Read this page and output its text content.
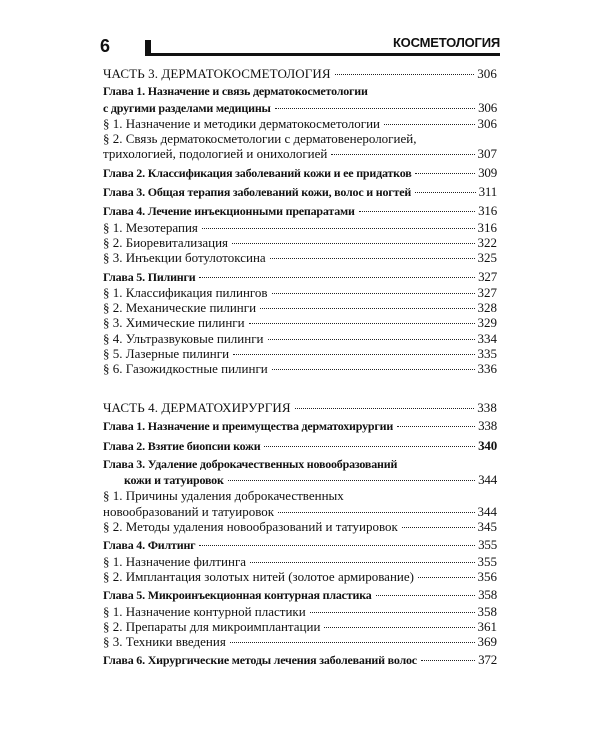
6	КОСМЕТОЛОГИЯ
ЧАСТЬ 3. ДЕРМАТОКОСМЕТОЛОГИЯ	306
Глава 1. Назначение и связь дерматокосметологии
с другими разделами медицины	306
§ 1. Назначение и методики дерматокосметологии	306
§ 2. Связь дерматокосметологии с дерматовенерологией,
трихологией, подологией и онихологией	307
Глава 2. Классификация заболеваний кожи и ее придатков	309
Глава 3. Общая терапия заболеваний кожи, волос и ногтей	311
Глава 4. Лечение инъекционными препаратами	316
§ 1. Мезотерапия	316
§ 2. Биоревитализация	322
§ 3. Инъекции ботулотоксина	325
Глава 5. Пилинги	327
§ 1. Классификация пилингов	327
§ 2. Механические пилинги	328
§ 3. Химические пилинги	329
§ 4. Ультразвуковые пилинги	334
§ 5. Лазерные пилинги	335
§ 6. Газожидкостные пилинги	336
ЧАСТЬ 4. ДЕРМАТОХИРУРГИЯ	338
Глава 1. Назначение и преимущества дерматохирургии	338
Глава 2. Взятие биопсии кожи	340
Глава 3. Удаление доброкачественных новообразований
кожи и татуировок	344
§ 1. Причины удаления доброкачественных
новообразований и татуировок	344
§ 2. Методы удаления новообразований и татуировок	345
Глава 4. Филтинг	355
§ 1. Назначение филтинга	355
§ 2. Имплантация золотых нитей (золотое армирование)	356
Глава 5. Микроинъекционная контурная пластика	358
§ 1. Назначение контурной пластики	358
§ 2. Препараты для микроимплантации	361
§ 3. Техники введения	369
Глава 6. Хирургические методы лечения заболеваний волос	372
